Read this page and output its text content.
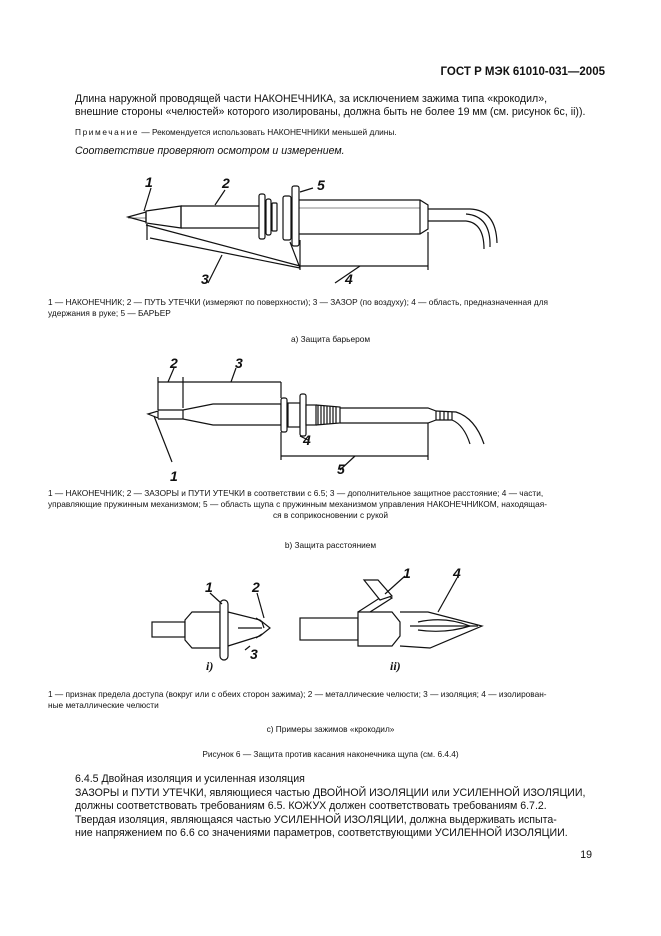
ГОСТ Р МЭК 61010-031—2005
Длина наружной проводящей части НАКОНЕЧНИКА, за исключением зажима типа «крокодил»,
внешние стороны «челюстей» которого изолированы, должна быть не более 19 мм (см. рисунок 6с, ii)).
Примечание — Рекомендуется использовать НАКОНЕЧНИКИ меньшей длины.
Соответствие проверяют осмотром и измерением.
1	2
3	4
5
1
2	3
4
5
1	2
3
1	4
i)	ii)
1 — НАКОНЕЧНИК; 2 — ПУТЬ УТЕЧКИ (измеряют по поверхности); 3 — ЗАЗОР (по воздуху); 4 — область, предназначенная для
удержания в руке; 5 — БАРЬЕР
а) Защита барьером
1 — НАКОНЕЧНИК; 2 — ЗАЗОРЫ и ПУТИ УТЕЧКИ в соответствии с 6.5; 3 — дополнительное защитное расстояние; 4 — части,
управляющие пружинным механизмом; 5 — область щупа с пружинным механизмом управления НАКОНЕЧНИКОМ, находящая-
ся в соприкосновении с рукой
b) Защита расстоянием
1 — признак предела доступа (вокруг или с обеих сторон зажима); 2 — металлические челюсти; 3 — изоляция; 4 — изолирован-
ные металлические челюсти
с) Примеры зажимов «крокодил»
Рисунок 6 — Защита против касания наконечника щупа (см. 6.4.4)
6.4.5 Двойная изоляция и усиленная изоляция
ЗАЗОРЫ и ПУТИ УТЕЧКИ, являющиеся частью ДВОЙНОЙ ИЗОЛЯЦИИ или УСИЛЕННОЙ ИЗОЛЯЦИИ,
должны соответствовать требованиям 6.5. КОЖУХ должен соответствовать требованиям 6.7.2.
Твердая изоляция, являющаяся частью УСИЛЕННОЙ ИЗОЛЯЦИИ, должна выдерживать испыта-
ние напряжением по 6.6 со значениями параметров, соответствующими УСИЛЕННОЙ ИЗОЛЯЦИИ.
19
